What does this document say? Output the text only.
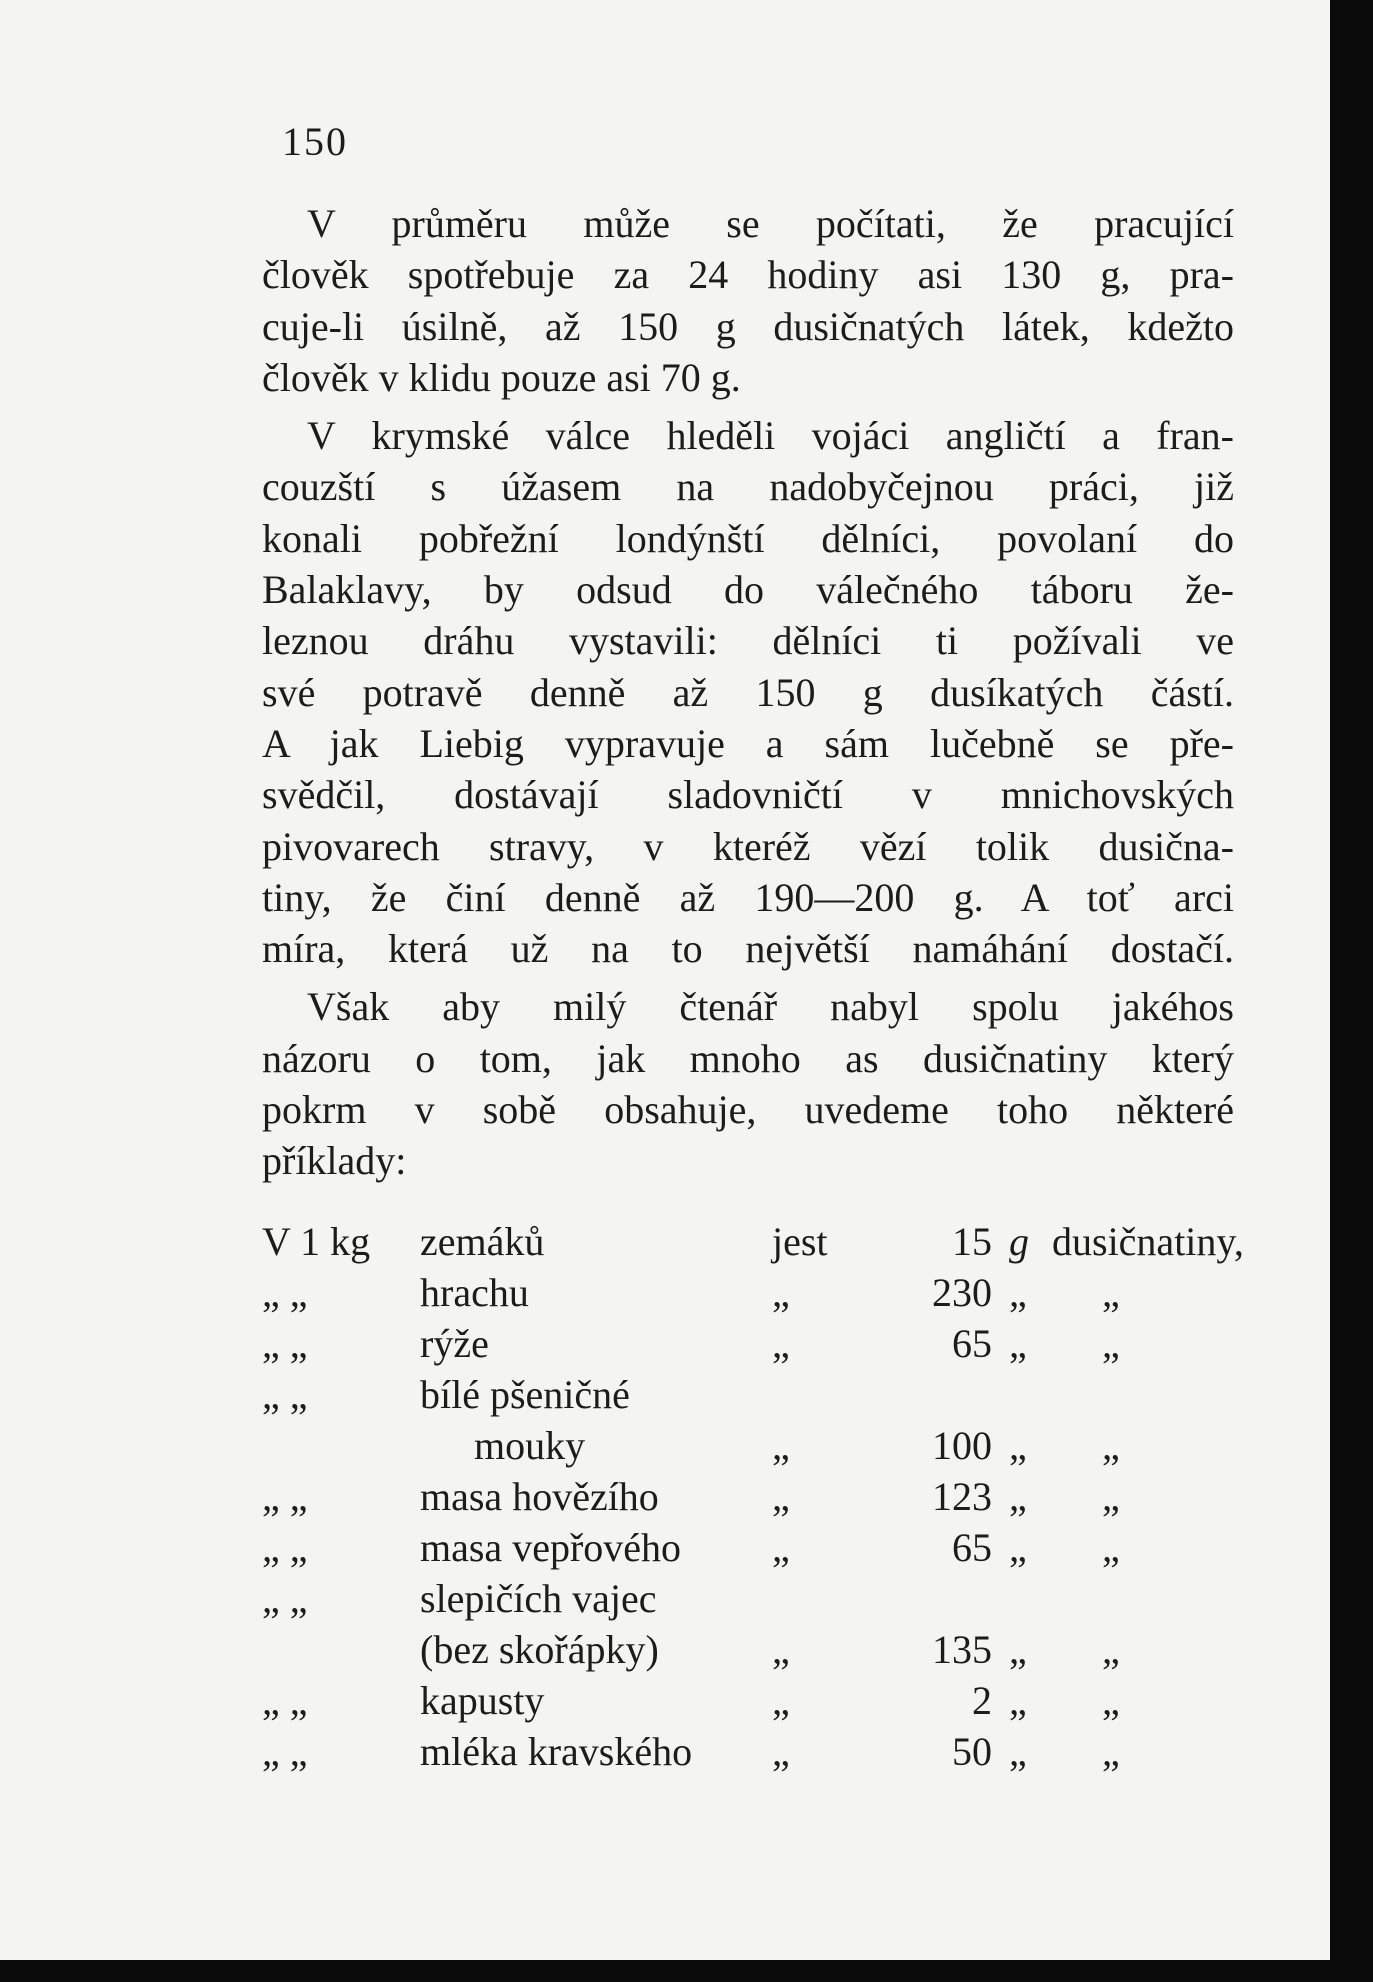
150
V průměru může se počítati, že pracující
člověk spotřebuje za 24 hodiny asi 130 g, pra-
cuje-li úsilně, až 150 g dusičnatých látek, kdežto
člověk v klidu pouze asi 70 g.
V krymské válce hleděli vojáci angličtí a fran-
couzští s úžasem na nadobyčejnou práci, již
konali pobřežní londýnští dělníci, povolaní do
Balaklavy, by odsud do válečného táboru že-
leznou dráhu vystavili: dělníci ti požívali ve
své potravě denně až 150 g dusíkatých částí.
A jak Liebig vypravuje a sám lučebně se pře-
svědčil, dostávají sladovničtí v mnichovských
pivovarech stravy, v kteréž vězí tolik dusična-
tiny, že činí denně až 190—200 g. A toť arci
míra, která už na to největší namáhání dostačí.
Však aby milý čtenář nabyl spolu jakéhos
názoru o tom, jak mnoho as dusičnatiny který
pokrm v sobě obsahuje, uvedeme toho některé
příklady:
V 1 kg zemáků	jest	15 g dusičnatiny,
„ „	hrachu	„	230 „ „
„ „	rýže	„	65 „ „
„ „	bílé pšeničné
mouky	„	100 „ „
„ „	masa hovězího	„	123 „ „
„ „	masa vepřového „	65 „ „
„ „	slepičích vajec
(bez skořápky)	„	135 „ „
„ „	kapusty	„	2 „ „
„ „	mléka kravského „	50 „ „
